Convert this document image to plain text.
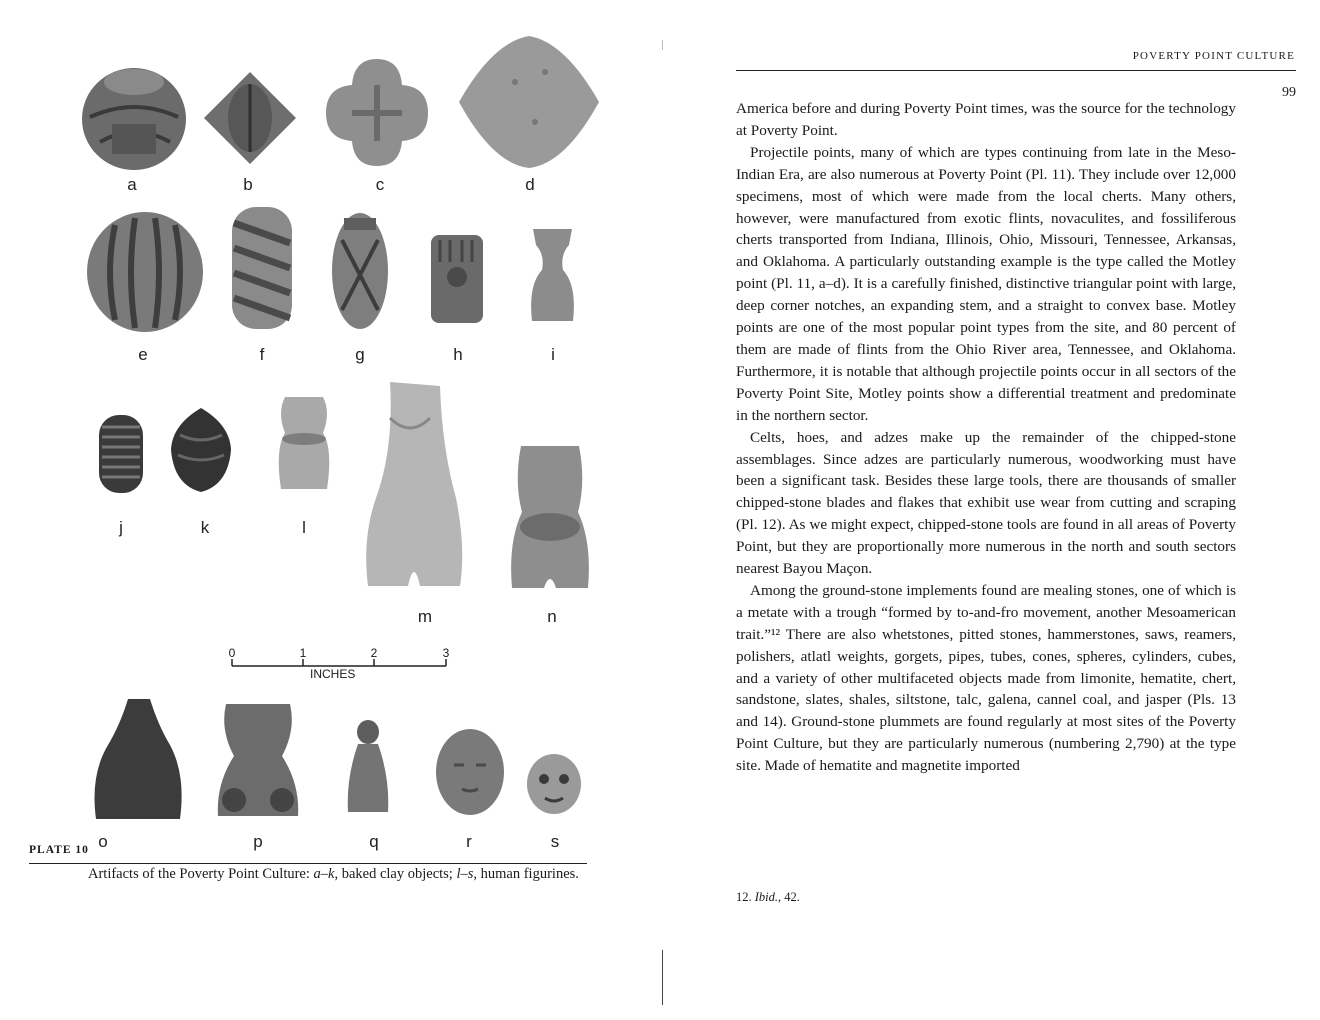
a	b	c	d
e	f	g	h	i
j	k	l
m	n
0	1	2	3
INCHES
o	p	q	r	s
PLATE 10
Artifacts of the Poverty Point Culture: a–k, baked clay objects; l–s, human figurines.
POVERTY POINT CULTURE
99

America before and during Poverty Point times, was the source for the technology at Poverty Point.

Projectile points, many of which are types continuing from late in the Meso-Indian Era, are also numerous at Poverty Point (Pl. 11). They include over 12,000 specimens, most of which were made from the local cherts. Many others, however, were manufactured from exotic flints, novaculites, and fossiliferous cherts transported from Indiana, Illinois, Ohio, Missouri, Tennessee, Arkansas, and Oklahoma. A particularly outstanding example is the type called the Motley point (Pl. 11, a–d). It is a carefully finished, distinctive triangular point with large, deep corner notches, an expanding stem, and a straight to convex base. Motley points are one of the most popular point types from the site, and 80 percent of them are made of flints from the Ohio River area, Tennessee, and Oklahoma. Furthermore, it is notable that although projectile points occur in all sectors of the Poverty Point Site, Motley points show a differential treatment and predominate in the northern sector.

Celts, hoes, and adzes make up the remainder of the chipped-stone assemblages. Since adzes are particularly numerous, woodworking must have been a significant task. Besides these large tools, there are thousands of smaller chipped-stone blades and flakes that exhibit use wear from cutting and scraping (Pl. 12). As we might expect, chipped-stone tools are found in all areas of Poverty Point, but they are proportionally more numerous in the north and south sectors nearest Bayou Maçon.

Among the ground-stone implements found are mealing stones, one of which is a metate with a trough “formed by to-and-fro movement, another Mesoamerican trait.”¹² There are also whetstones, pitted stones, hammerstones, saws, reamers, polishers, atlatl weights, gorgets, pipes, tubes, cones, spheres, cylinders, cubes, and a variety of other multifaceted objects made from limonite, hematite, chert, sandstone, slates, shales, siltstone, talc, galena, cannel coal, and jasper (Pls. 13 and 14). Ground-stone plummets are found regularly at most sites of the Poverty Point Culture, but they are particularly numerous (numbering 2,790) at the type site. Made of hematite and magnetite imported

12. Ibid., 42.
